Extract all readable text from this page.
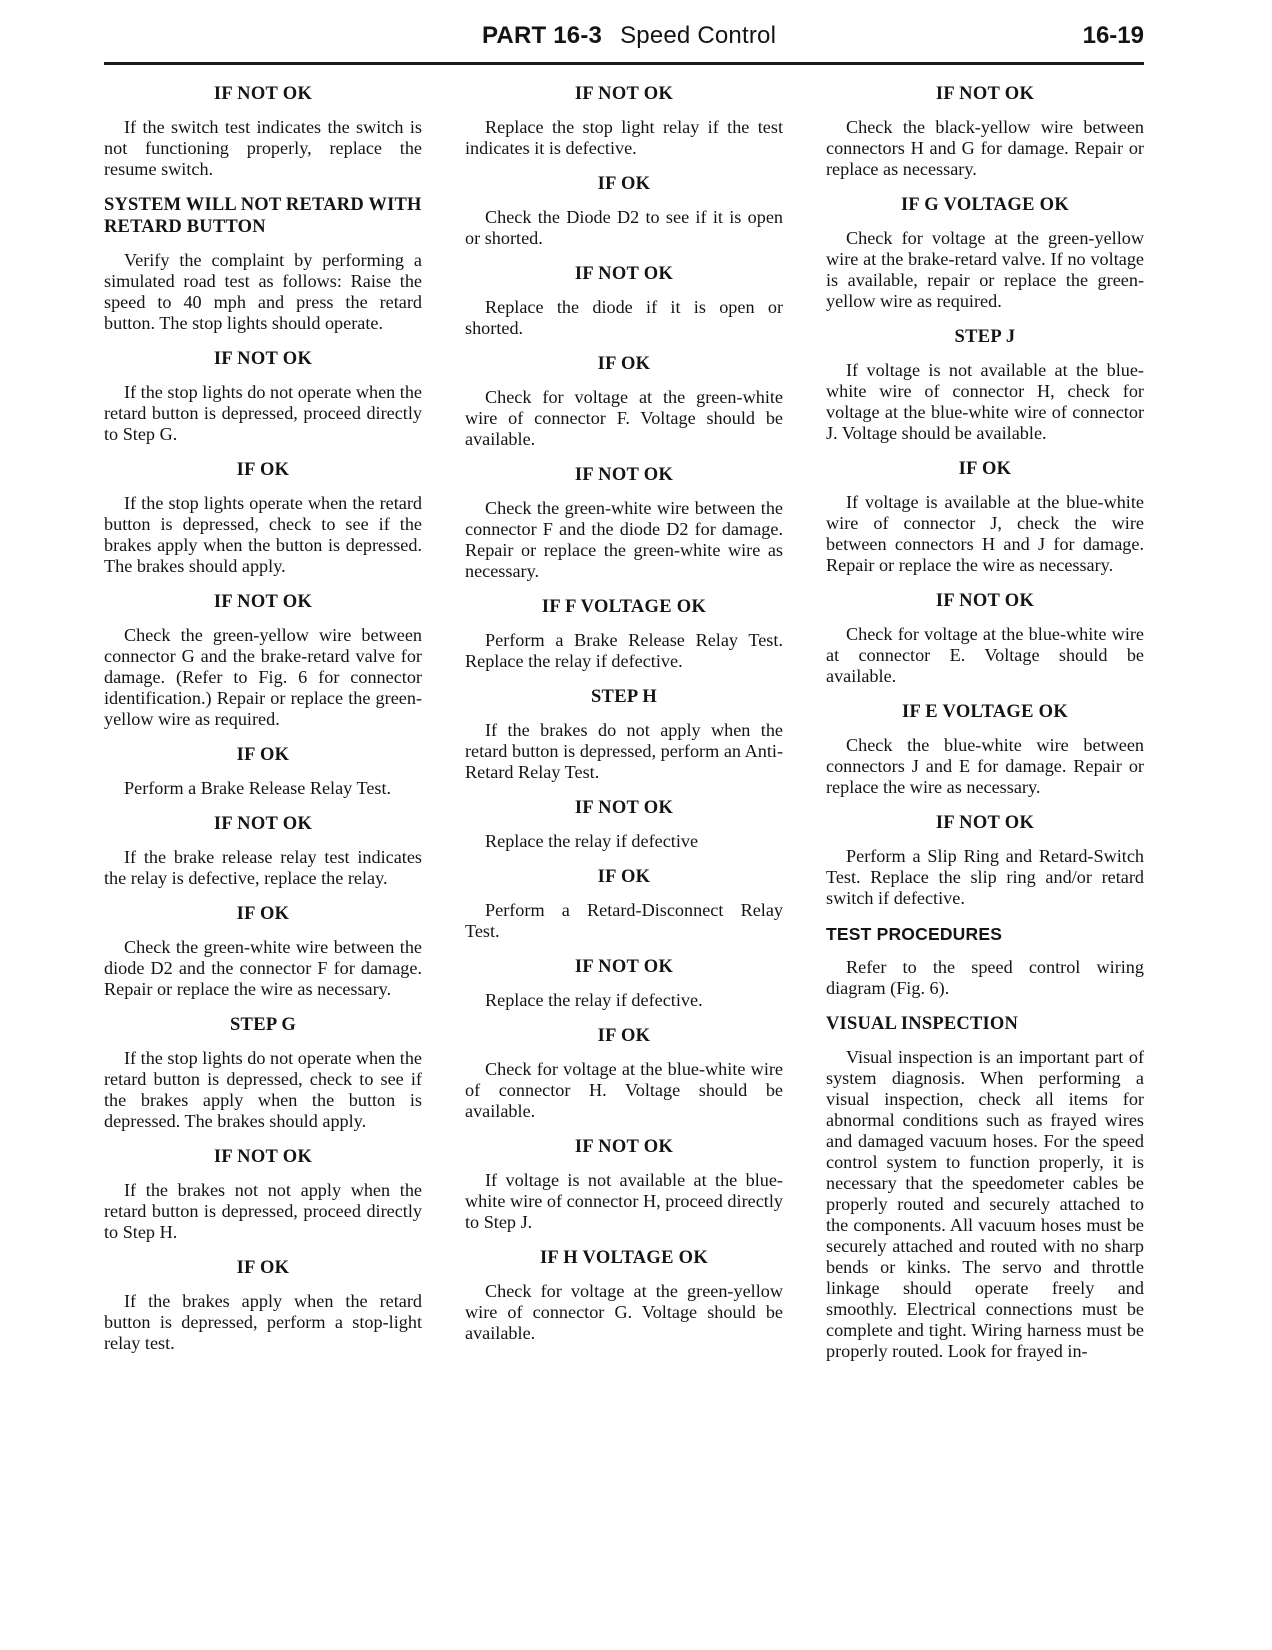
PART 16-3 Speed Control	16-19
IF NOT OK

If the switch test indicates the switch is not functioning properly, replace the resume switch.

SYSTEM WILL NOT RETARD WITH RETARD BUTTON

Verify the complaint by performing a simulated road test as follows: Raise the speed to 40 mph and press the retard button. The stop lights should operate.

IF NOT OK

If the stop lights do not operate when the retard button is depressed, proceed directly to Step G.

IF OK

If the stop lights operate when the retard button is depressed, check to see if the brakes apply when the button is depressed. The brakes should apply.

IF NOT OK

Check the green-yellow wire between connector G and the brake-retard valve for damage. (Refer to Fig. 6 for connector identification.) Repair or replace the green-yellow wire as required.

IF OK

Perform a Brake Release Relay Test.

IF NOT OK

If the brake release relay test indicates the relay is defective, replace the relay.

IF OK

Check the green-white wire between the diode D2 and the connector F for damage. Repair or replace the wire as necessary.

STEP G

If the stop lights do not operate when the retard button is depressed, check to see if the brakes apply when the button is depressed. The brakes should apply.

IF NOT OK

If the brakes not not apply when the retard button is depressed, proceed directly to Step H.

IF OK

If the brakes apply when the retard button is depressed, perform a stop-light relay test.

IF NOT OK

Replace the stop light relay if the test indicates it is defective.

IF OK

Check the Diode D2 to see if it is open or shorted.

IF NOT OK

Replace the diode if it is open or shorted.

IF OK

Check for voltage at the green-white wire of connector F. Voltage should be available.

IF NOT OK

Check the green-white wire between the connector F and the diode D2 for damage. Repair or replace the green-white wire as necessary.

IF F VOLTAGE OK

Perform a Brake Release Relay Test. Replace the relay if defective.

STEP H

If the brakes do not apply when the retard button is depressed, perform an Anti-Retard Relay Test.

IF NOT OK

Replace the relay if defective

IF OK

Perform a Retard-Disconnect Relay Test.

IF NOT OK

Replace the relay if defective.

IF OK

Check for voltage at the blue-white wire of connector H. Voltage should be available.

IF NOT OK

If voltage is not available at the blue-white wire of connector H, proceed directly to Step J.

IF H VOLTAGE OK

Check for voltage at the green-yellow wire of connector G. Voltage should be available.

IF NOT OK

Check the black-yellow wire between connectors H and G for damage. Repair or replace as necessary.

IF G VOLTAGE OK

Check for voltage at the green-yellow wire at the brake-retard valve. If no voltage is available, repair or replace the green-yellow wire as required.

STEP J

If voltage is not available at the blue-white wire of connector H, check for voltage at the blue-white wire of connector J. Voltage should be available.

IF OK

If voltage is available at the blue-white wire of connector J, check the wire between connectors H and J for damage. Repair or replace the wire as necessary.

IF NOT OK

Check for voltage at the blue-white wire at connector E. Voltage should be available.

IF E VOLTAGE OK

Check the blue-white wire between connectors J and E for damage. Repair or replace the wire as necessary.

IF NOT OK

Perform a Slip Ring and Retard-Switch Test. Replace the slip ring and/or retard switch if defective.

TEST PROCEDURES

Refer to the speed control wiring diagram (Fig. 6).

VISUAL INSPECTION

Visual inspection is an important part of system diagnosis. When performing a visual inspection, check all items for abnormal conditions such as frayed wires and damaged vacuum hoses. For the speed control system to function properly, it is necessary that the speedometer cables be properly routed and securely attached to the components. All vacuum hoses must be securely attached and routed with no sharp bends or kinks. The servo and throttle linkage should operate freely and smoothly. Electrical connections must be complete and tight. Wiring harness must be properly routed. Look for frayed in-
